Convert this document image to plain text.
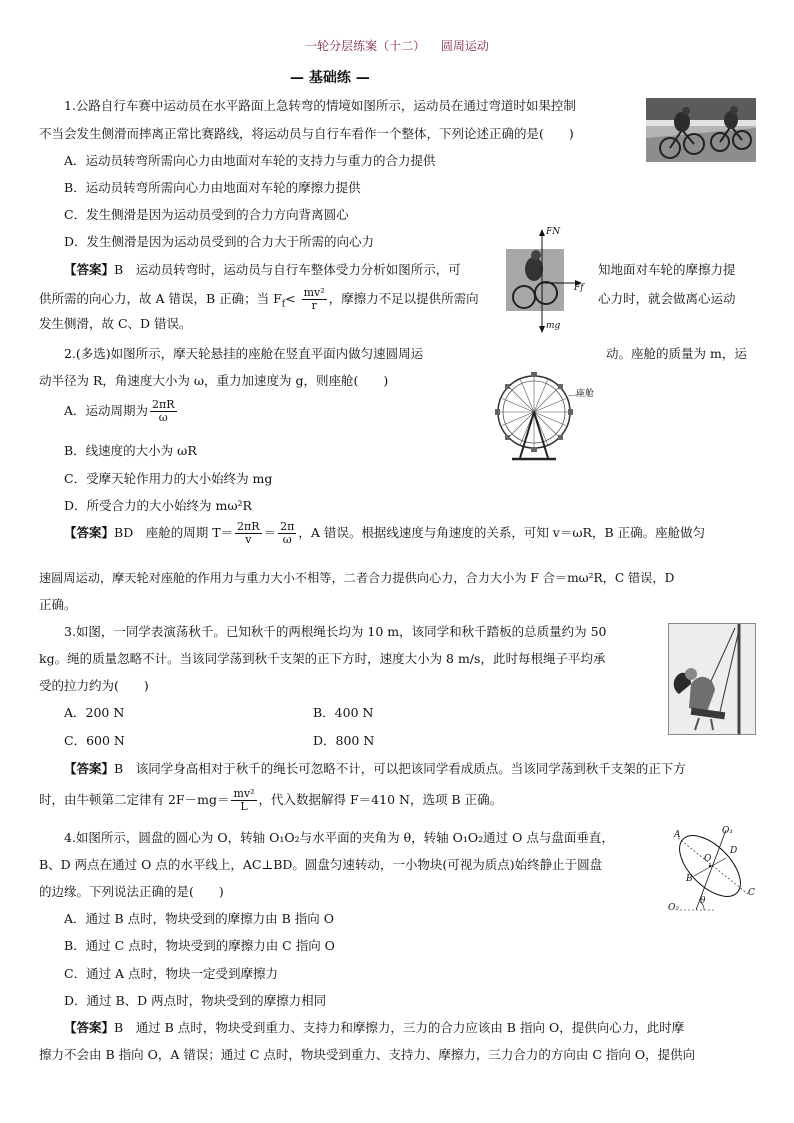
一轮分层练案（十二） 圆周运动
— 基础练 —
1.公路自行车赛中运动员在水平路面上急转弯的情境如图所示，运动员在通过弯道时如果控制
不当会发生侧滑而摔离正常比赛路线，将运动员与自行车看作一个整体，下列论述正确的是(　　)
A．运动员转弯所需向心力由地面对车轮的支持力与重力的合力提供
B．运动员转弯所需向心力由地面对车轮的摩擦力提供
C．发生侧滑是因为运动员受到的合力方向背离圆心
D．发生侧滑是因为运动员受到的合力大于所需的向心力
【答案】B　运动员转弯时，运动员与自行车整体受力分析如图所示，可	知地面对车轮的摩擦力提
供所需的向心力，故 A 错误，B 正确；当 $F_f< \frac{\text{mv²}}{r}$ ，摩擦力不足以提供所需向	心力时，就会做离心运动
发生侧滑，故 C、D 错误。
FN
Ff
mg
2.(多选)如图所示，摩天轮悬挂的座舱在竖直平面内做匀速圆周运	动。座舱的质量为 m，运
动半径为 R，角速度大小为 ω，重力加速度为 g，则座舱(　　)
A．运动周期为 $\frac{2\pi R}{\omega}$
B．线速度的大小为 ωR
C．受摩天轮作用力的大小始终为 mg
D．所受合力的大小始终为 mω²R
座舱
【答案】BD　座舱的周期 $T= \frac{2\pi R}{v} = \frac{2\pi}{\omega}$ ，A 错误。根据线速度与角速度的关系，可知 v＝ωR，B 正确。座舱做匀
速圆周运动，摩天轮对座舱的作用力与重力大小不相等，二者合力提供向心力，合力大小为 F 合＝mω²R，C 错误，D
正确。
3.如图，一同学表演荡秋千。已知秋千的两根绳长均为 10 m，该同学和秋千踏板的总质量约为 50
kg。绳的质量忽略不计。当该同学荡到秋千支架的正下方时，速度大小为 8 m/s，此时每根绳子平均承
受的拉力约为(　　)
A．200 N	B．400 N
C．600 N	D．800 N
【答案】B　该同学身高相对于秋千的绳长可忽略不计，可以把该同学看成质点。当该同学荡到秋千支架的正下方
时，由牛顿第二定律有 $2F-mg= \frac{\text{mv²}}{L}$ ，代入数据解得 F＝410 N，选项 B 正确。
4.如图所示，圆盘的圆心为 O，转轴 O₁O₂与水平面的夹角为 θ，转轴 O₁O₂通过 O 点与盘面垂直，
B、D 两点在通过 O 点的水平线上，AC⊥BD。圆盘匀速转动，一小物块(可视为质点)始终静止于圆盘
的边缘。下列说法正确的是(　　)
A．通过 B 点时，物块受到的摩擦力由 B 指向 O
B．通过 C 点时，物块受到的摩擦力由 C 指向 O
C．通过 A 点时，物块一定受到摩擦力
D．通过 B、D 两点时，物块受到的摩擦力相同
A
B
C
D
O
O₁
O₂
θ
【答案】B　通过 B 点时，物块受到重力、支持力和摩擦力，三力的合力应该由 B 指向 O，提供向心力，此时摩
擦力不会由 B 指向 O，A 错误；通过 C 点时，物块受到重力、支持力、摩擦力，三力合力的方向由 C 指向 O，提供向
